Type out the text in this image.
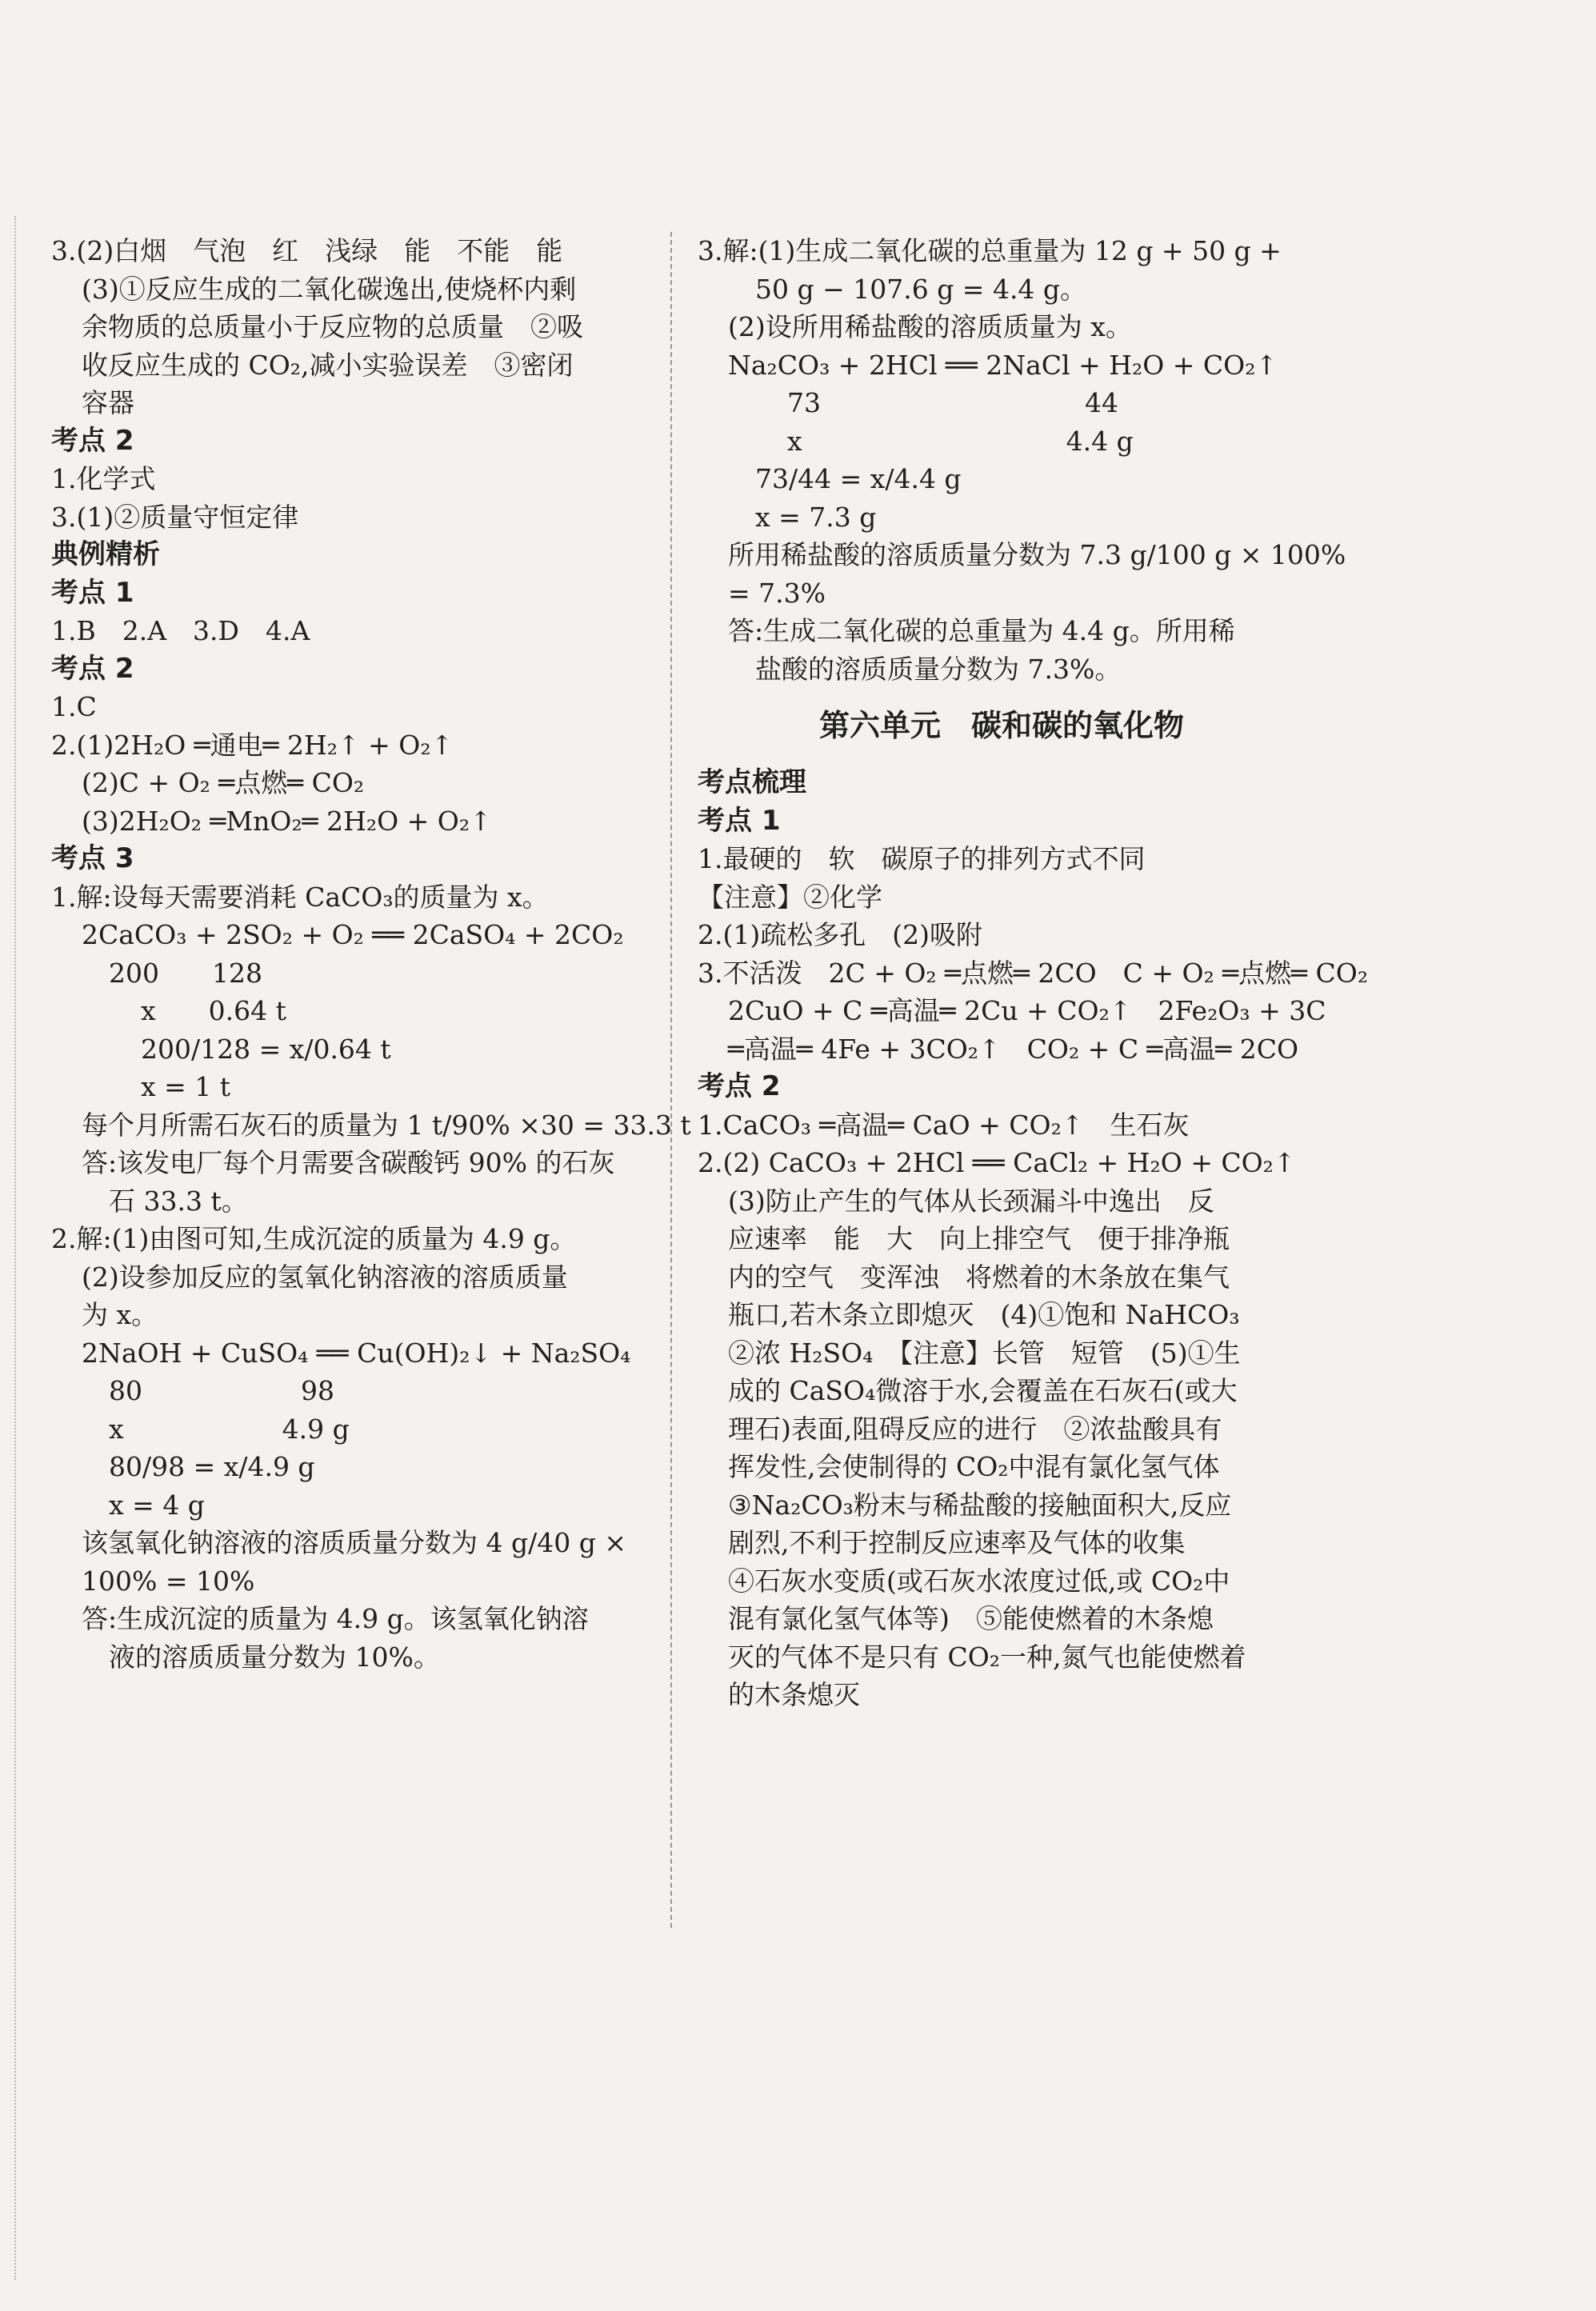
3.(2)白烟　气泡　红　浅绿　能　不能　能
(3)①反应生成的二氧化碳逸出,使烧杯内剩
余物质的总质量小于反应物的总质量　②吸
收反应生成的 CO₂,减小实验误差　③密闭
容器
考点 2
1.化学式
3.(1)②质量守恒定律
典例精析
考点 1
1.B　2.A　3.D　4.A
考点 2
1.C
2.(1)2H₂O ═通电═ 2H₂↑ + O₂↑
(2)C + O₂ ═点燃═ CO₂
(3)2H₂O₂ ═MnO₂═ 2H₂O + O₂↑
考点 3
1.解:设每天需要消耗 CaCO₃的质量为 x。
2CaCO₃ + 2SO₂ + O₂ ══ 2CaSO₄ + 2CO₂
200　　128
x　　0.64 t
200/128 = x/0.64 t
x = 1 t
每个月所需石灰石的质量为 1 t/90% ×30 = 33.3 t
答:该发电厂每个月需要含碳酸钙 90% 的石灰
石 33.3 t。
2.解:(1)由图可知,生成沉淀的质量为 4.9 g。
(2)设参加反应的氢氧化钠溶液的溶质质量
为 x。
2NaOH + CuSO₄ ══ Cu(OH)₂↓ + Na₂SO₄
80　　　　　　98
x　　　　　　4.9 g
80/98 = x/4.9 g
x = 4 g
该氢氧化钠溶液的溶质质量分数为 4 g/40 g ×
100% = 10%
答:生成沉淀的质量为 4.9 g。该氢氧化钠溶
液的溶质质量分数为 10%。
3.解:(1)生成二氧化碳的总重量为 12 g + 50 g +
50 g − 107.6 g = 4.4 g。
(2)设所用稀盐酸的溶质质量为 x。
Na₂CO₃ + 2HCl ══ 2NaCl + H₂O + CO₂↑
73　　　　　　　　　　44
x　　　　　　　　　　4.4 g
73/44 = x/4.4 g
x = 7.3 g
所用稀盐酸的溶质质量分数为 7.3 g/100 g × 100%
= 7.3%
答:生成二氧化碳的总重量为 4.4 g。所用稀
盐酸的溶质质量分数为 7.3%。
第六单元　碳和碳的氧化物
考点梳理
考点 1
1.最硬的　软　碳原子的排列方式不同
【注意】②化学
2.(1)疏松多孔　(2)吸附
3.不活泼　2C + O₂ ═点燃═ 2CO　C + O₂ ═点燃═ CO₂
2CuO + C ═高温═ 2Cu + CO₂↑　2Fe₂O₃ + 3C
═高温═ 4Fe + 3CO₂↑　CO₂ + C ═高温═ 2CO
考点 2
1.CaCO₃ ═高温═ CaO + CO₂↑　生石灰
2.(2) CaCO₃ + 2HCl ══ CaCl₂ + H₂O + CO₂↑
(3)防止产生的气体从长颈漏斗中逸出　反
应速率　能　大　向上排空气　便于排净瓶
内的空气　变浑浊　将燃着的木条放在集气
瓶口,若木条立即熄灭　(4)①饱和 NaHCO₃
②浓 H₂SO₄　【注意】长管　短管　(5)①生
成的 CaSO₄微溶于水,会覆盖在石灰石(或大
理石)表面,阻碍反应的进行　②浓盐酸具有
挥发性,会使制得的 CO₂中混有氯化氢气体
③Na₂CO₃粉末与稀盐酸的接触面积大,反应
剧烈,不利于控制反应速率及气体的收集
④石灰水变质(或石灰水浓度过低,或 CO₂中
混有氯化氢气体等)　⑤能使燃着的木条熄
灭的气体不是只有 CO₂一种,氮气也能使燃着
的木条熄灭
